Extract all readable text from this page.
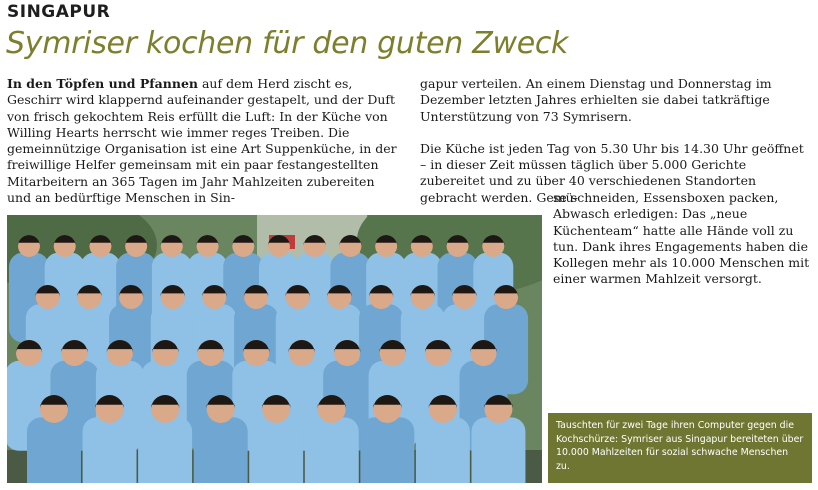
SINGAPUR
Symriser kochen für den guten Zweck

In den Töpfen und Pfannen auf dem Herd zischt es, Geschirr wird klappernd aufeinander gestapelt, und der Duft von frisch gekochtem Reis erfüllt die Luft: In der Küche von Willing Hearts herrscht wie immer reges Treiben. Die gemeinnützige Organisation ist eine Art Suppenküche, in der freiwillige Helfer gemeinsam mit ein paar festangestellten Mitarbeitern an 365 Tagen im Jahr Mahlzeiten zubereiten und an bedürftige Menschen in Sin-

gapur verteilen. An einem Dienstag und Donnerstag im Dezember letzten Jahres erhielten sie dabei tatkräftige Unterstützung von 73 Symrisern.

Die Küche ist jeden Tag von 5.30 Uhr bis 14.30 Uhr geöffnet – in dieser Zeit müssen täglich über 5.000 Gerichte zubereitet und zu über 40 verschiedenen Standorten gebracht werden. Gemü-

se schneiden, Essensboxen packen, Abwasch erledigen: Das „neue Küchenteam“ hatte alle Hände voll zu tun. Dank ihres Engagements haben die Kollegen mehr als 10.000 Menschen mit einer warmen Mahlzeit versorgt.

Tauschten für zwei Tage ihren Computer gegen die Kochschürze: Symriser aus Singapur bereiteten über 10.000 Mahlzeiten für sozial schwache Menschen zu.
